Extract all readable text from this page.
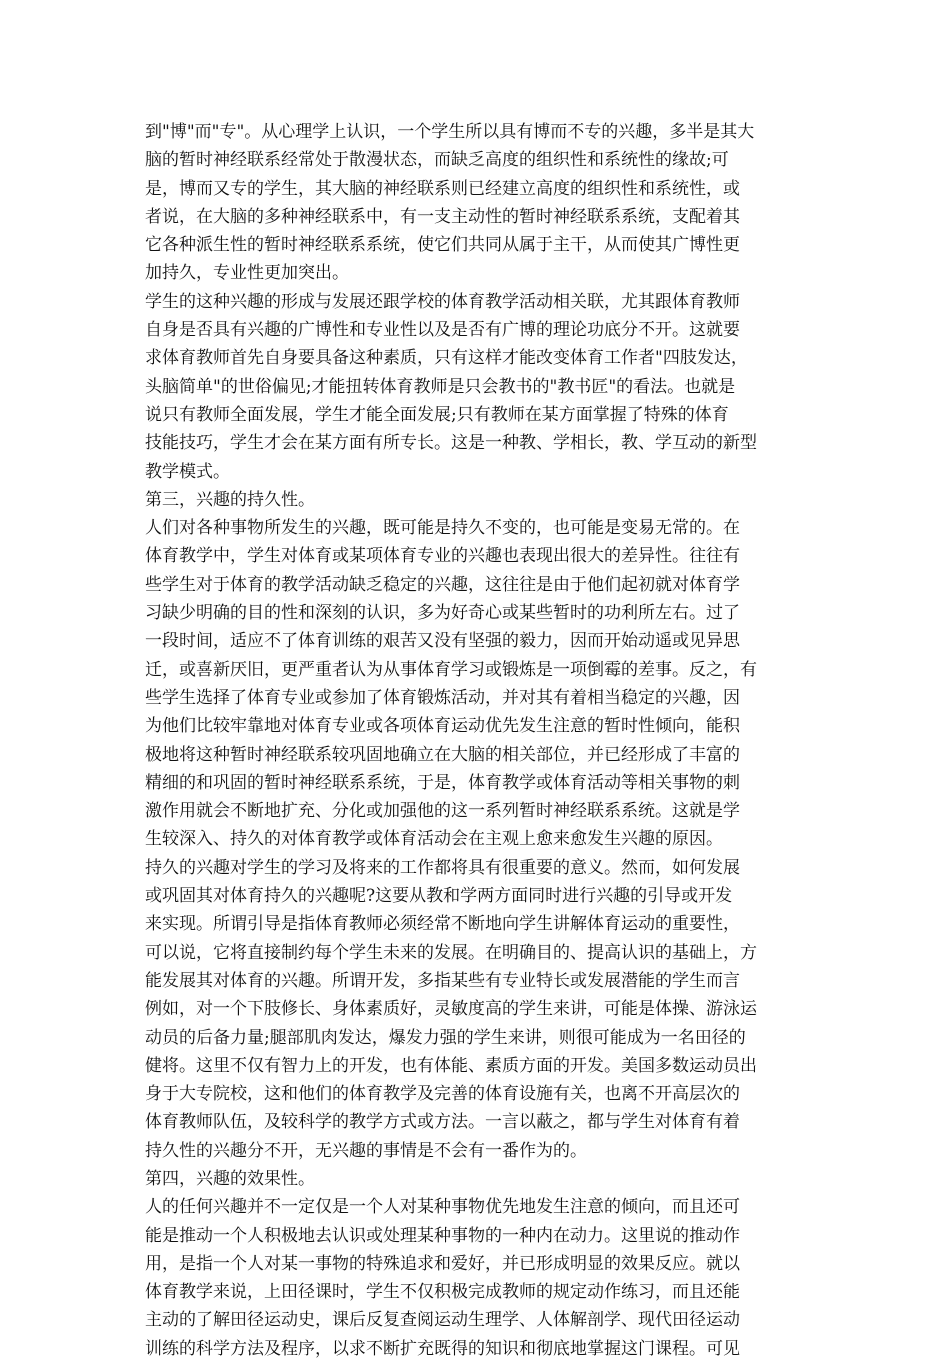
到"博"而"专"。从心理学上认识，一个学生所以具有博而不专的兴趣，多半是其大
脑的暂时神经联系经常处于散漫状态，而缺乏高度的组织性和系统性的缘故;可
是，博而又专的学生，其大脑的神经联系则已经建立高度的组织性和系统性，或
者说，在大脑的多种神经联系中，有一支主动性的暂时神经联系系统，支配着其
它各种派生性的暂时神经联系系统，使它们共同从属于主干，从而使其广博性更
加持久，专业性更加突出。
学生的这种兴趣的形成与发展还跟学校的体育教学活动相关联，尤其跟体育教师
自身是否具有兴趣的广博性和专业性以及是否有广博的理论功底分不开。这就要
求体育教师首先自身要具备这种素质，只有这样才能改变体育工作者"四肢发达，
头脑简单"的世俗偏见;才能扭转体育教师是只会教书的"教书匠"的看法。也就是
说只有教师全面发展，学生才能全面发展;只有教师在某方面掌握了特殊的体育
技能技巧，学生才会在某方面有所专长。这是一种教、学相长，教、学互动的新型
教学模式。
第三，兴趣的持久性。
人们对各种事物所发生的兴趣，既可能是持久不变的，也可能是变易无常的。在
体育教学中，学生对体育或某项体育专业的兴趣也表现出很大的差异性。往往有
些学生对于体育的教学活动缺乏稳定的兴趣，这往往是由于他们起初就对体育学
习缺少明确的目的性和深刻的认识，多为好奇心或某些暂时的功利所左右。过了
一段时间，适应不了体育训练的艰苦又没有坚强的毅力，因而开始动遥或见异思
迁，或喜新厌旧，更严重者认为从事体育学习或锻炼是一项倒霉的差事。反之，有
些学生选择了体育专业或参加了体育锻炼活动，并对其有着相当稳定的兴趣，因
为他们比较牢靠地对体育专业或各项体育运动优先发生注意的暂时性倾向，能积
极地将这种暂时神经联系较巩固地确立在大脑的相关部位，并已经形成了丰富的
精细的和巩固的暂时神经联系系统，于是，体育教学或体育活动等相关事物的刺
激作用就会不断地扩充、分化或加强他的这一系列暂时神经联系系统。这就是学
生较深入、持久的对体育教学或体育活动会在主观上愈来愈发生兴趣的原因。
持久的兴趣对学生的学习及将来的工作都将具有很重要的意义。然而，如何发展
或巩固其对体育持久的兴趣呢?这要从教和学两方面同时进行兴趣的引导或开发
来实现。所谓引导是指体育教师必须经常不断地向学生讲解体育运动的重要性，
可以说，它将直接制约每个学生未来的发展。在明确目的、提高认识的基础上，方
能发展其对体育的兴趣。所谓开发，多指某些有专业特长或发展潜能的学生而言
例如，对一个下肢修长、身体素质好，灵敏度高的学生来讲，可能是体操、游泳运
动员的后备力量;腿部肌肉发达，爆发力强的学生来讲，则很可能成为一名田径的
健将。这里不仅有智力上的开发，也有体能、素质方面的开发。美国多数运动员出
身于大专院校，这和他们的体育教学及完善的体育设施有关，也离不开高层次的
体育教师队伍，及较科学的教学方式或方法。一言以蔽之，都与学生对体育有着
持久性的兴趣分不开，无兴趣的事情是不会有一番作为的。
第四，兴趣的效果性。
人的任何兴趣并不一定仅是一个人对某种事物优先地发生注意的倾向，而且还可
能是推动一个人积极地去认识或处理某种事物的一种内在动力。这里说的推动作
用，是指一个人对某一事物的特殊追求和爱好，并已形成明显的效果反应。就以
体育教学来说，上田径课时，学生不仅积极完成教师的规定动作练习，而且还能
主动的了解田径运动史，课后反复查阅运动生理学、人体解剖学、现代田径运动
训练的科学方法及程序，以求不断扩充既得的知识和彻底地掌握这门课程。可见
